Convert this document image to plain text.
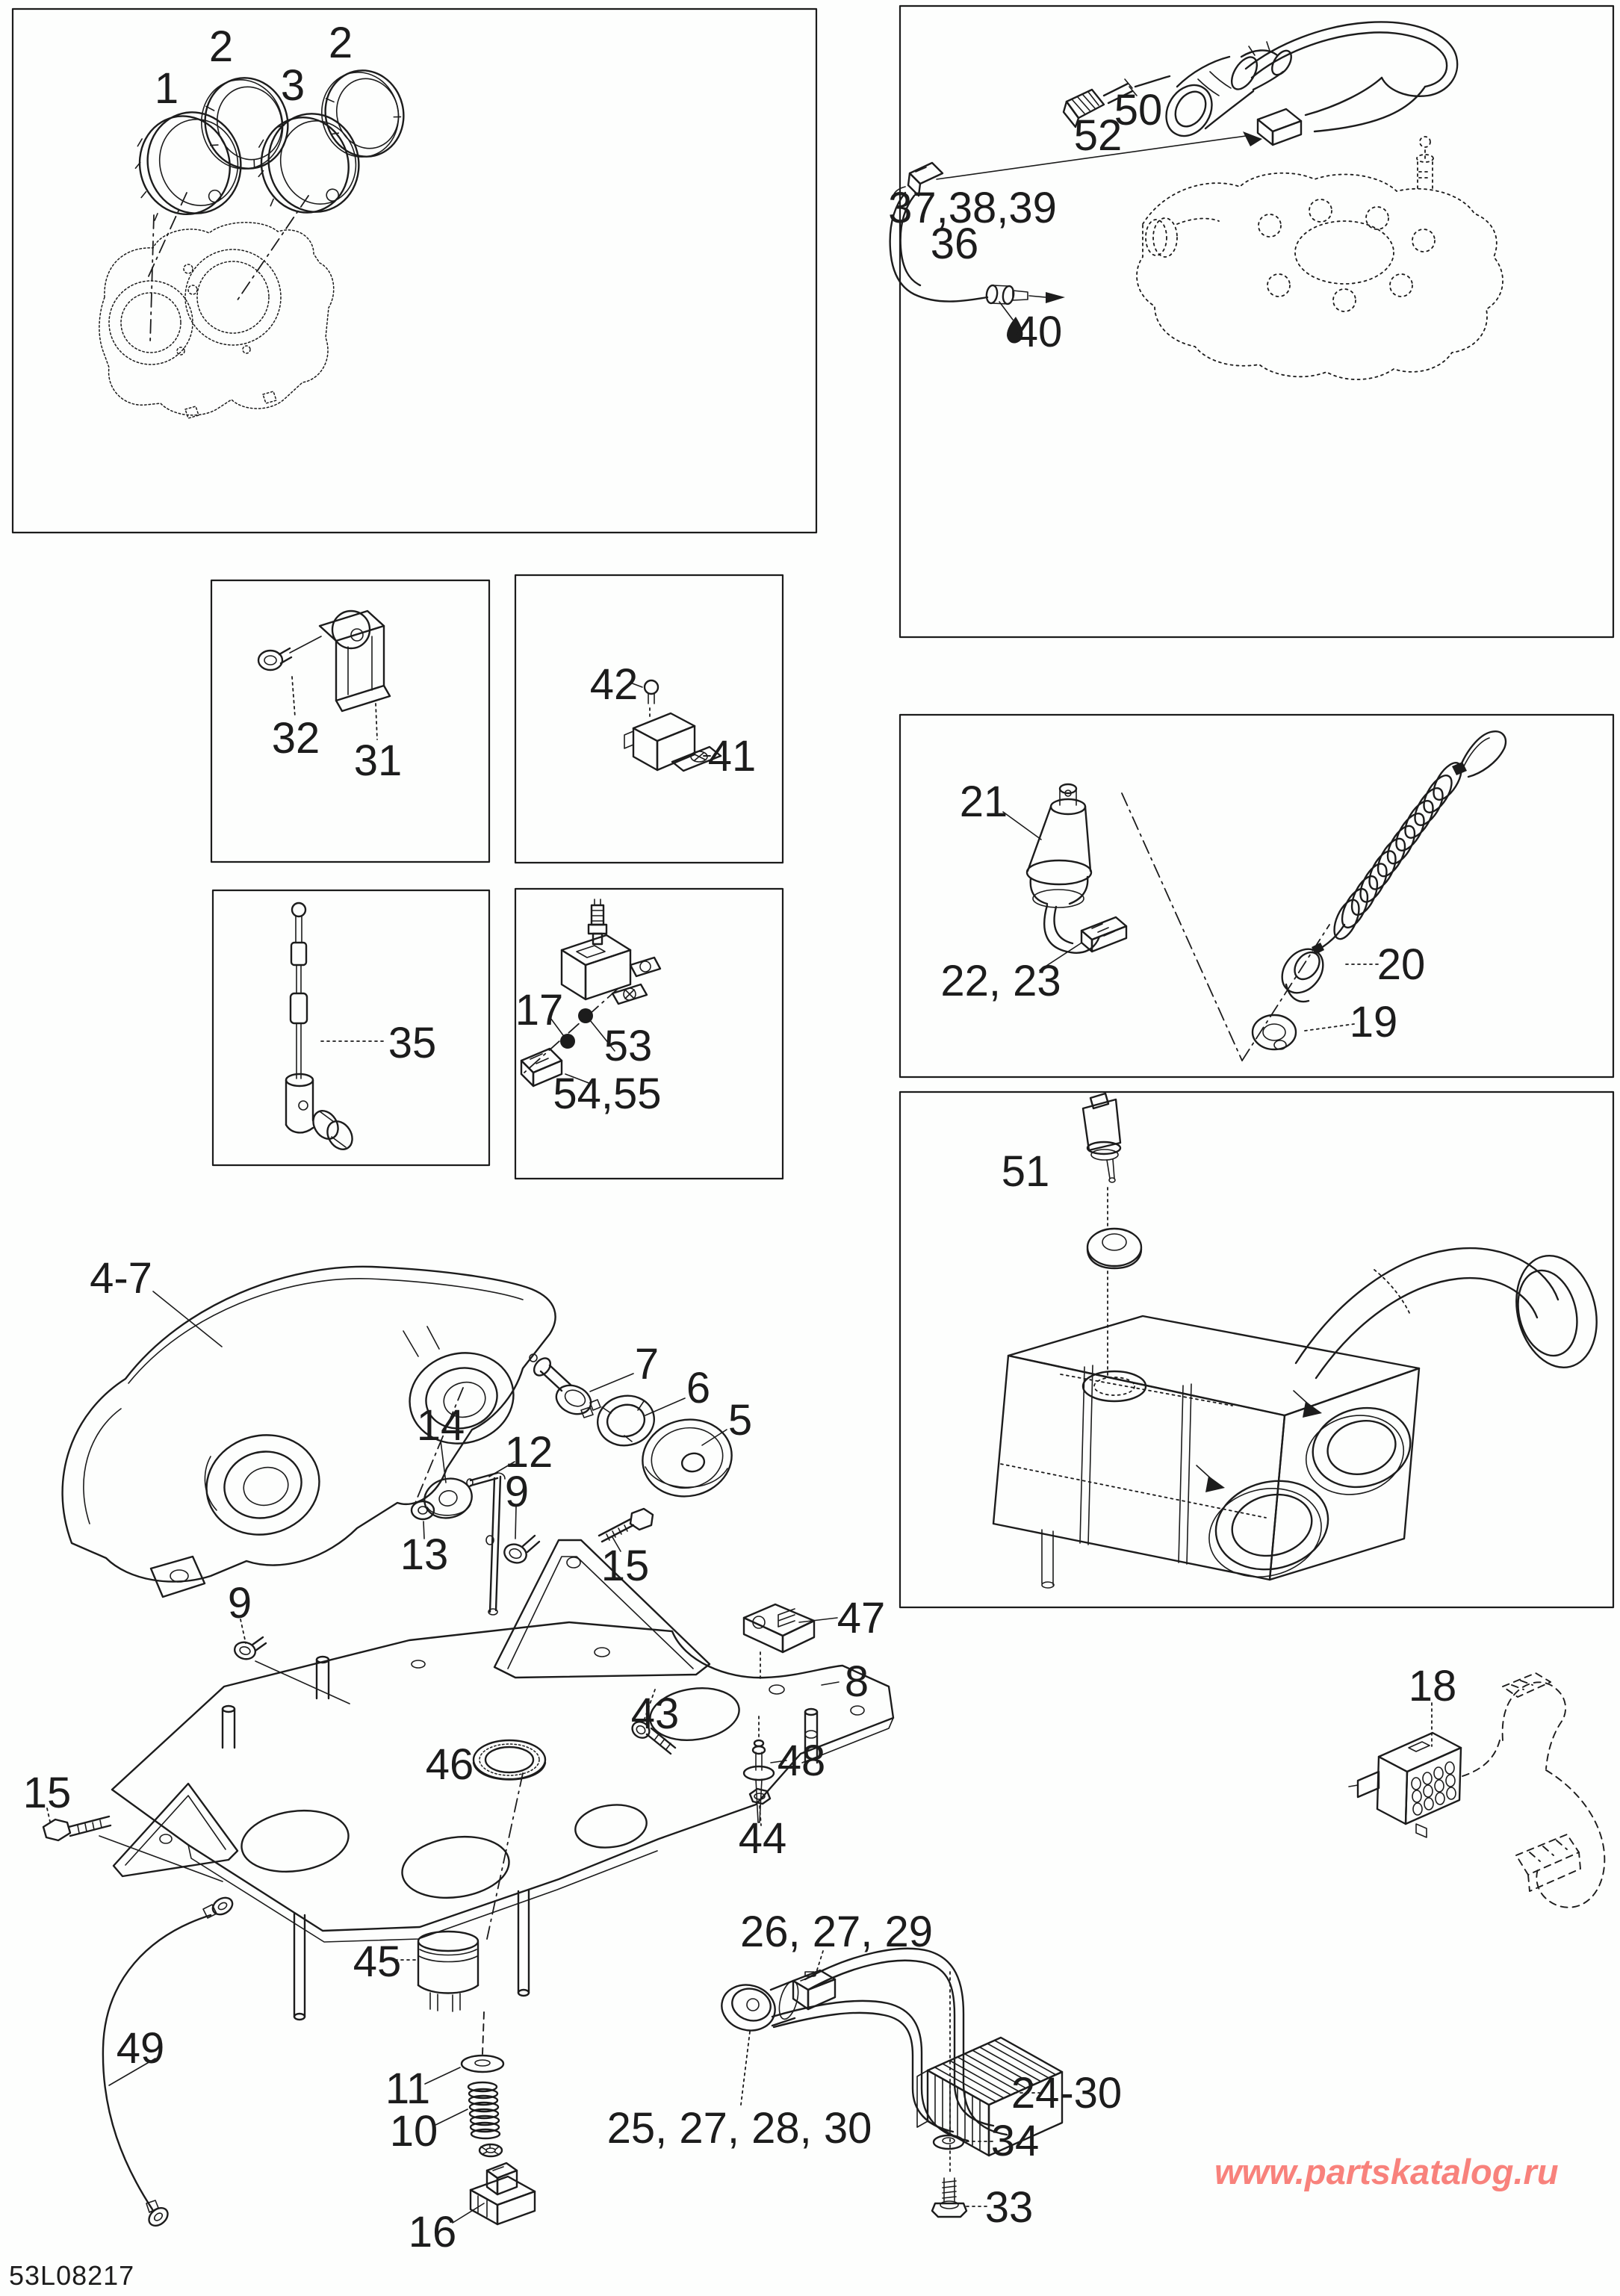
1
2
3
2
50
52
37,38,39
36
40
32 31
42
41
35
17
53
54,55
21
22, 23	20
19
51
4-7
7 6
5
14
12
9
13	15
9	47
8
48
43
46
44
15
45
11
10
16
49
26, 27, 29
25, 27, 28, 30
24-30
34
33
18
53L08217
www.partskatalog.ru
